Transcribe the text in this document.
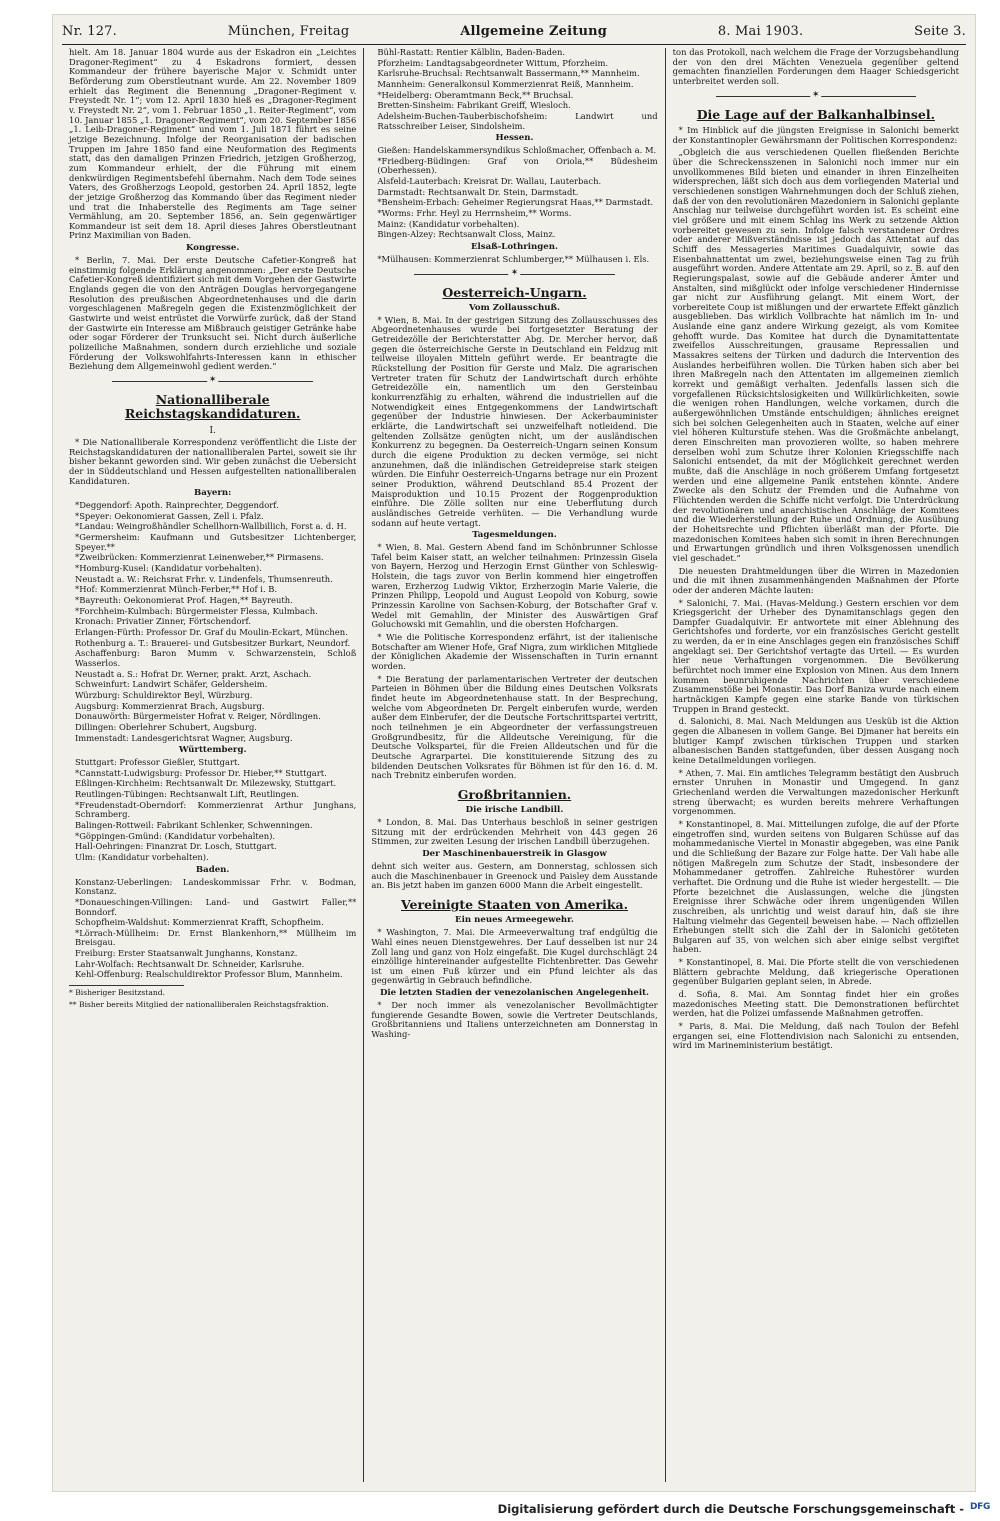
Nr. 127.	München, Freitag	Allgemeine Zeitung	8. Mai 1903.	Seite 3.

hielt. Am 18. Januar 1804 wurde aus der Eskadron ein „Leichtes Dragoner-Regiment“ zu 4 Eskadrons formiert, dessen Kommandeur der frühere bayerische Major v. Schmidt unter Beförderung zum Oberstleutnant wurde. Am 22. November 1809 erhielt das Regiment die Benennung „Dragoner-Regiment v. Freystedt Nr. 1“; vom 12. April 1830 hieß es „Dragoner-Regiment v. Freystedt Nr. 2“, vom 1. Februar 1850 „1. Reiter-Regiment“, vom 10. Januar 1855 „1. Dragoner-Regiment“, vom 20. September 1856 „1. Leib-Dragoner-Regiment“ und vom 1. Juli 1871 führt es seine jetzige Bezeichnung. Infolge der Reorganisation der badischen Truppen im Jahre 1850 fand eine Neuformation des Regiments statt, das den damaligen Prinzen Friedrich, jetzigen Großherzog, zum Kommandeur erhielt, der die Führung mit einem denkwürdigen Regimentsbefehl übernahm. Nach dem Tode seines Vaters, des Großherzogs Leopold, gestorben 24. April 1852, legte der jetzige Großherzog das Kommando über das Regiment nieder und trat die Inhaberstelle des Regiments am Tage seiner Vermählung, am 20. September 1856, an. Sein gegenwärtiger Kommandeur ist seit dem 18. April dieses Jahres Oberstleutnant Prinz Maximilian von Baden.

Kongresse.

* Berlin, 7. Mai. Der erste Deutsche Cafetier-Kongreß hat einstimmig folgende Erklärung angenommen: „Der erste Deutsche Cafetier-Kongreß identifiziert sich mit dem Vorgehen der Gastwirte Englands gegen die von den Anträgen Douglas hervorgegangene Resolution des preußischen Abgeordnetenhauses und die darin vorgeschlagenen Maßregeln gegen die Existenzmöglichkeit der Gastwirte und weist entrüstet die Vorwürfe zurück, daß der Stand der Gastwirte ein Interesse am Mißbrauch geistiger Getränke habe oder sogar Förderer der Trunksucht sei. Nicht durch äußerliche polizeiliche Maßnahmen, sondern durch erziehliche und soziale Förderung der Volkswohlfahrts-Interessen kann in ethischer Beziehung dem Allgemeinwohl gedient werden.“

✶
Nationalliberale Reichstagskandidaturen.
I.

* Die Nationalliberale Korrespondenz veröffentlicht die Liste der Reichstagskandidaturen der nationalliberalen Partei, soweit sie ihr bisher bekannt geworden sind. Wir geben zunächst die Uebersicht der in Süddeutschland und Hessen aufgestellten nationalliberalen Kandidaturen.

Bayern:

*Deggendorf: Apoth. Rainprechter, Deggendorf.

*Speyer: Oekonomierat Gassen, Zell i. Pfalz.

*Landau: Weingroßhändler Schellhorn-Wallbillich, Forst a. d. H.

*Germersheim: Kaufmann und Gutsbesitzer Lichtenberger, Speyer.**

*Zweibrücken: Kommerzienrat Leinenweber,** Pirmasens.

*Homburg-Kusel: (Kandidatur vorbehalten).

Neustadt a. W.: Reichsrat Frhr. v. Lindenfels, Thumsenreuth.

*Hof: Kommerzienrat Münch-Ferber,** Hof i. B.

*Bayreuth: Oekonomierat Prof. Hagen,** Bayreuth.

*Forchheim-Kulmbach: Bürgermeister Flessa, Kulmbach.

Kronach: Privatier Zinner, Förtschendorf.

Erlangen-Fürth: Professor Dr. Graf du Moulin-Eckart, München.

Rothenburg a. T.: Brauerei- und Gutsbesitzer Burkart, Neundorf.

Aschaffenburg: Baron Mumm v. Schwarzenstein, Schloß Wasserlos.

Neustadt a. S.: Hofrat Dr. Werner, prakt. Arzt, Aschach.

Schweinfurt: Landwirt Schäfer, Geldersheim.

Würzburg: Schuldirektor Beyl, Würzburg.

Augsburg: Kommerzienrat Brach, Augsburg.

Donauwörth: Bürgermeister Hofrat v. Reiger, Nördlingen.

Dillingen: Oberlehrer Schubert, Augsburg.

Immenstadt: Landesgerichtsrat Wagner, Augsburg.

Württemberg.

Stuttgart: Professor Gießler, Stuttgart.

*Cannstatt-Ludwigsburg: Professor Dr. Hieber,** Stuttgart.

Eßlingen-Kirchheim: Rechtsanwalt Dr. Milezewsky, Stuttgart.

Reutlingen-Tübingen: Rechtsanwalt Lift, Reutlingen.

*Freudenstadt-Oberndorf: Kommerzienrat Arthur Junghans, Schramberg.

Balingen-Rottweil: Fabrikant Schlenker, Schwenningen.

*Göppingen-Gmünd: (Kandidatur vorbehalten).

Hall-Oehringen: Finanzrat Dr. Losch, Stuttgart.

Ulm: (Kandidatur vorbehalten).

Baden.

Konstanz-Ueberlingen: Landeskommissar Frhr. v. Bodman, Konstanz.

*Donaueschingen-Villingen: Land- und Gastwirt Faller,** Bonndorf.

Schopfheim-Waldshut: Kommerzienrat Krafft, Schopfheim.

*Lörrach-Müllheim: Dr. Ernst Blankenhorn,** Müllheim im Breisgau.

Freiburg: Erster Staatsanwalt Junghanns, Konstanz.

Lahr-Wolfach: Rechtsanwalt Dr. Schneider, Karlsruhe.

Kehl-Offenburg: Realschuldirektor Professor Blum, Mannheim.

* Bisheriger Besitzstand.

** Bisher bereits Mitglied der nationalliberalen Reichstagsfraktion.

Bühl-Rastatt: Rentier Kälblin, Baden-Baden.

Pforzheim: Landtagsabgeordneter Wittum, Pforzheim.

Karlsruhe-Bruchsal: Rechtsanwalt Bassermann,** Mannheim.

Mannheim: Generalkonsul Kommerzienrat Reiß, Mannheim.

*Heidelberg: Oberamtmann Beck,** Bruchsal.

Bretten-Sinsheim: Fabrikant Greiff, Wiesloch.

Adelsheim-Buchen-Tauberbischofsheim: Landwirt und Ratsschreiber Leiser, Sindolsheim.

Hessen.

Gießen: Handelskammersyndikus Schloßmacher, Offenbach a. M.

*Friedberg-Büdingen: Graf von Oriola,** Büdesheim (Oberhessen).

Alsfeld-Lauterbach: Kreisrat Dr. Wallau, Lauterbach.

Darmstadt: Rechtsanwalt Dr. Stein, Darmstadt.

*Bensheim-Erbach: Geheimer Regierungsrat Haas,** Darmstadt.

*Worms: Frhr. Heyl zu Herrnsheim,** Worms.

Mainz: (Kandidatur vorbehalten).

Bingen-Alzey: Rechtsanwalt Closs, Mainz.

Elsaß-Lothringen.

*Mülhausen: Kommerzienrat Schlumberger,** Mülhausen i. Els.

✶
Oesterreich-Ungarn.
Vom Zollausschuß.

* Wien, 8. Mai. In der gestrigen Sitzung des Zollausschusses des Abgeordnetenhauses wurde bei fortgesetzter Beratung der Getreidezölle der Berichterstatter Abg. Dr. Mercher hervor, daß gegen die österreichische Gerste in Deutschland ein Feldzug mit teilweise illoyalen Mitteln geführt werde. Er beantragte die Rückstellung der Position für Gerste und Malz. Die agrarischen Vertreter traten für Schutz der Landwirtschaft durch erhöhte Getreidezölle ein, namentlich um den Gersteinbau konkurrenzfähig zu erhalten, während die industriellen auf die Notwendigkeit eines Entgegenkommens der Landwirtschaft gegenüber der Industrie hinwiesen. Der Ackerbauminister erklärte, die Landwirtschaft sei unzweifelhaft notleidend. Die geltenden Zollsätze genügten nicht, um der ausländischen Konkurrenz zu begegnen. Da Oesterreich-Ungarn seinen Konsum durch die eigene Produktion zu decken vermöge, sei nicht anzunehmen, daß die inländischen Getreidepreise stark steigen würden. Die Einfuhr Oesterreich-Ungarns betrage nur ein Prozent seiner Produktion, während Deutschland 85.4 Prozent der Maisproduktion und 10.15 Prozent der Roggenproduktion einführe. Die Zölle sollten nur eine Ueberflutung durch ausländisches Getreide verhüten. — Die Verhandlung wurde sodann auf heute vertagt.

Tagesmeldungen.

* Wien, 8. Mai. Gestern Abend fand im Schönbrunner Schlosse Tafel beim Kaiser statt, an welcher teilnahmen: Prinzessin Gisela von Bayern, Herzog und Herzogin Ernst Günther von Schleswig-Holstein, die tags zuvor von Berlin kommend hier eingetroffen waren, Erzherzog Ludwig Viktor, Erzherzogin Marie Valerie, die Prinzen Philipp, Leopold und August Leopold von Koburg, sowie Prinzessin Karoline von Sachsen-Koburg, der Botschafter Graf v. Wedel mit Gemahlin, der Minister des Auswärtigen Graf Goluchowski mit Gemahlin, und die obersten Hofchargen.

* Wie die Politische Korrespondenz erfährt, ist der italienische Botschafter am Wiener Hofe, Graf Nigra, zum wirklichen Mitgliede der Königlichen Akademie der Wissenschaften in Turin ernannt worden.

* Die Beratung der parlamentarischen Vertreter der deutschen Parteien in Böhmen über die Bildung eines Deutschen Volksrats findet heute im Abgeordnetenhause statt. In der Besprechung, welche vom Abgeordneten Dr. Pergelt einberufen wurde, werden außer dem Einberufer, der die Deutsche Fortschrittspartei vertritt, noch teilnehmen je ein Abgeordneter der verfassungstreuen Großgrundbesitz, für die Alldeutsche Vereinigung, für die Deutsche Volkspartei, für die Freien Alldeutschen und für die Deutsche Agrarpartei. Die konstituierende Sitzung des zu bildenden Deutschen Volksrates für Böhmen ist für den 16. d. M. nach Trebnitz einberufen worden.

Großbritannien.
Die irische Landbill.

* London, 8. Mai. Das Unterhaus beschloß in seiner gestrigen Sitzung mit der erdrückenden Mehrheit von 443 gegen 26 Stimmen, zur zweiten Lesung der irischen Landbill überzugehen.

Der Maschinenbauerstreik in Glasgow

dehnt sich weiter aus. Gestern, am Donnerstag, schlossen sich auch die Maschinenbauer in Greenock und Paisley dem Ausstande an. Bis jetzt haben im ganzen 6000 Mann die Arbeit eingestellt.

Vereinigte Staaten von Amerika.
Ein neues Armeegewehr.

* Washington, 7. Mai. Die Armeeverwaltung traf endgültig die Wahl eines neuen Dienstgewehres. Der Lauf desselben ist nur 24 Zoll lang und ganz von Holz eingefaßt. Die Kugel durchschlägt 24 einzöllige hintereinander aufgestellte Fichtenbretter. Das Gewehr ist um einen Fuß kürzer und ein Pfund leichter als das gegenwärtig in Gebrauch befindliche.

Die letzten Stadien der venezolanischen Angelegenheit.

* Der noch immer als venezolanischer Bevollmächtigter fungierende Gesandte Bowen, sowie die Vertreter Deutschlands, Großbritanniens und Italiens unterzeichneten am Donnerstag in Washing-

ton das Protokoll, nach welchem die Frage der Vorzugsbehandlung der von den drei Mächten Venezuela gegenüber geltend gemachten finanziellen Forderungen dem Haager Schiedsgericht unterbreitet werden soll.

✶
Die Lage auf der Balkanhalbinsel.

* Im Hinblick auf die jüngsten Ereignisse in Salonichi bemerkt der Konstantinopler Gewährsmann der Politischen Korrespondenz:

„Obgleich die aus verschiedenen Quellen fließenden Berichte über die Schreckensszenen in Salonichi noch immer nur ein unvollkommenes Bild bieten und einander in ihren Einzelheiten widersprechen, läßt sich doch aus dem vorliegenden Material und verschiedenen sonstigen Wahrnehmungen doch der Schluß ziehen, daß der von den revolutionären Mazedoniern in Salonichi geplante Anschlag nur teilweise durchgeführt worden ist. Es scheint eine viel größere und mit einem Schlag ins Werk zu setzende Aktion vorbereitet gewesen zu sein. Infolge falsch verstandener Ordres oder anderer Mißverständnisse ist jedoch das Attentat auf das Schiff des Messageries Maritimes Guadalquivir, sowie das Eisenbahnattentat um zwei, beziehungsweise einen Tag zu früh ausgeführt worden. Andere Attentate am 29. April, so z. B. auf den Regierungspalast, sowie auf die Gebäude anderer Ämter und Anstalten, sind mißglückt oder infolge verschiedener Hindernisse gar nicht zur Ausführung gelangt. Mit einem Wort, der vorbereitete Coup ist mißlungen und der erwartete Effekt gänzlich ausgeblieben. Das wirklich Vollbrachte hat nämlich im In- und Auslande eine ganz andere Wirkung gezeigt, als vom Komitee gehofft wurde. Das Komitee hat durch die Dynamitattentate zweifellos Ausschreitungen, grausame Repressalien und Massakres seitens der Türken und dadurch die Intervention des Auslandes herbeiführen wollen. Die Türken haben sich aber bei ihren Maßregeln nach den Attentaten im allgemeinen ziemlich korrekt und gemäßigt verhalten. Jedenfalls lassen sich die vorgefallenen Rücksichtslosigkeiten und Willkürlichkeiten, sowie die wenigen rohen Handlungen, welche vorkamen, durch die außergewöhnlichen Umstände entschuldigen; ähnliches ereignet sich bei solchen Gelegenheiten auch in Staaten, welche auf einer viel höheren Kulturstufe stehen. Was die Großmächte anbelangt, deren Einschreiten man provozieren wollte, so haben mehrere derselben wohl zum Schutze ihrer Kolonien Kriegsschiffe nach Salonichi entsendet, da mit der Möglichkeit gerechnet werden mußte, daß die Anschläge in noch größerem Umfang fortgesetzt werden und eine allgemeine Panik entstehen könnte. Andere Zwecke als den Schutz der Fremden und die Aufnahme von Flüchtenden werden die Schiffe nicht verfolgt. Die Unterdrückung der revolutionären und anarchistischen Anschläge der Komitees und die Wiederherstellung der Ruhe und Ordnung, die Ausübung der Hoheitsrechte und Pflichten überläßt man der Pforte. Die mazedonischen Komitees haben sich somit in ihren Berechnungen und Erwartungen gründlich und ihren Volksgenossen unendlich viel geschadet.“

Die neuesten Drahtmeldungen über die Wirren in Mazedonien und die mit ihnen zusammenhängenden Maßnahmen der Pforte oder der anderen Mächte lauten:

* Salonichi, 7. Mai. (Havas-Meldung.) Gestern erschien vor dem Kriegsgericht der Urheber des Dynamitanschlags gegen den Dampfer Guadalquivir. Er antwortete mit einer Ablehnung des Gerichtshofes und forderte, vor ein französisches Gericht gestellt zu werden, da er in eine Anschlages gegen ein französisches Schiff angeklagt sei. Der Gerichtshof vertagte das Urteil. — Es wurden hier neue Verhaftungen vorgenommen. Die Bevölkerung befürchtet noch immer eine Explosion von Minen. Aus dem Innern kommen beunruhigende Nachrichten über verschiedene Zusammenstöße bei Monastir. Das Dorf Baniza wurde nach einem hartnäckigen Kampfe gegen eine starke Bande von türkischen Truppen in Brand gesteckt.

d. Salonichi, 8. Mai. Nach Meldungen aus Uesküb ist die Aktion gegen die Albanesen in vollem Gange. Bei Djmaner hat bereits ein blutiger Kampf zwischen türkischen Truppen und starken albanesischen Banden stattgefunden, über dessen Ausgang noch keine Detailmeldungen vorliegen.

* Athen, 7. Mai. Ein amtliches Telegramm bestätigt den Ausbruch ernster Unruhen in Monastir und Umgegend. In ganz Griechenland werden die Verwaltungen mazedonischer Herkunft streng überwacht; es wurden bereits mehrere Verhaftungen vorgenommen.

* Konstantinopel, 8. Mai. Mitteilungen zufolge, die auf der Pforte eingetroffen sind, wurden seitens von Bulgaren Schüsse auf das mohammedanische Viertel in Monastir abgegeben, was eine Panik und die Schließung der Bazare zur Folge hatte. Der Vali habe alle nötigen Maßregeln zum Schutze der Stadt, insbesondere der Mohammedaner getroffen. Zahlreiche Ruhestörer wurden verhaftet. Die Ordnung und die Ruhe ist wieder hergestellt. — Die Pforte bezeichnet die Auslassungen, welche die jüngsten Ereignisse ihrer Schwäche oder ihrem ungenügenden Willen zuschreiben, als unrichtig und weist darauf hin, daß sie ihre Haltung vielmehr das Gegenteil beweisen habe. — Nach offiziellen Erhebungen stellt sich die Zahl der in Salonichi getöteten Bulgaren auf 35, von welchen sich aber einige selbst vergiftet haben.

* Konstantinopel, 8. Mai. Die Pforte stellt die von verschiedenen Blättern gebrachte Meldung, daß kriegerische Operationen gegenüber Bulgarien geplant seien, in Abrede.

d. Sofia, 8. Mai. Am Sonntag findet hier ein großes mazedonisches Meeting statt. Die Demonstrationen befürchtet werden, hat die Polizei umfassende Maßnahmen getroffen.

* Paris, 8. Mai. Die Meldung, daß nach Toulon der Befehl ergangen sei, eine Flottendivision nach Salonichi zu entsenden, wird im Marineministerium bestätigt.

Digitalisierung gefördert durch die Deutsche Forschungsgemeinschaft -
DFG
